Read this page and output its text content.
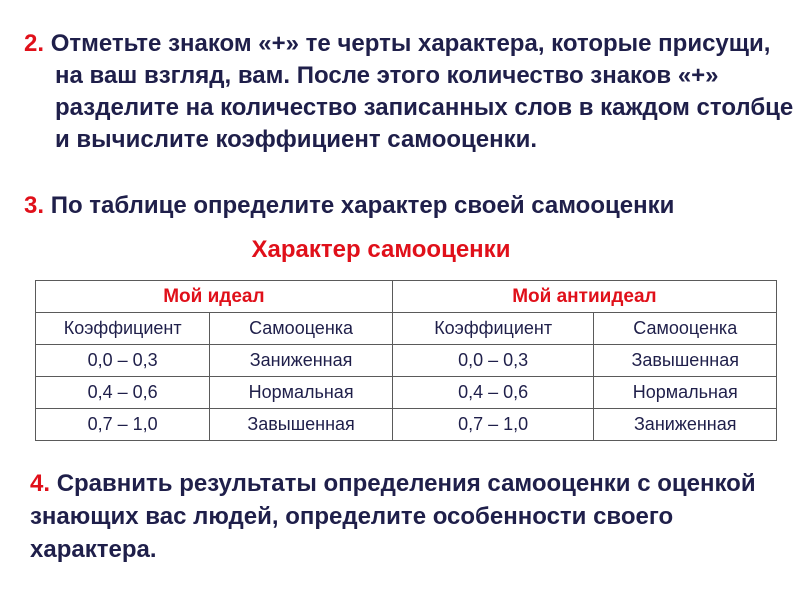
2. Отметьте знаком «+» те черты характера, которые присущи, на ваш взгляд, вам. После этого количество знаков «+» разделите на количество записанных слов в каждом столбце и вычислите коэффициент самооценки.
3. По таблице определите характер своей самооценки
Характер самооценки
Мой идеал		Мой антиидеал	
Коэффициент	Самооценка	Коэффициент	Самооценка
0,0 – 0,3	Заниженная	0,0 – 0,3	Завышенная
0,4 – 0,6	Нормальная	0,4 – 0,6	Нормальная
0,7 – 1,0	Завышенная	0,7 – 1,0	Заниженная
4. Сравнить результаты определения самооценки с оценкой знающих вас людей, определите особенности своего характера.
